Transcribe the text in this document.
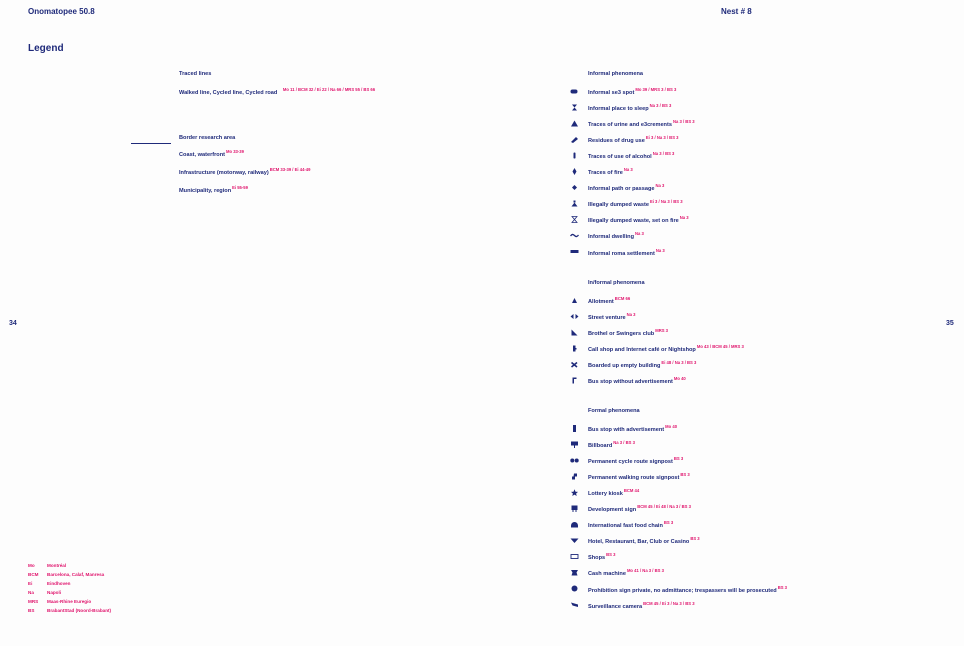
Onomatopee 50.8	Nest # 8
Legend
34	35
Traced lines
Walked line, Cycled line, Cycled road $^{Mo 11 / BCM 32 / Ei 22 / Na 66 / MRS 55 / BS 66}$
Border research area
Coast, waterfront$^{Mo 33-39}$
Infrastructure (motorway, railway)$^{BCM 33-39 / Ei 44-49}$
Municipality, region$^{Ei 55-59}$
Informal phenomena
Informal se3 spot$^{Mo 39 / MRS 3 / BS 3}$
Informal place to sleep$^{Na 3 / BS 3}$
Traces of urine and e3crements$^{Na 3 / BS 3}$
Residues of drug use$^{Ei 3 / Na 3 / BS 3}$
Traces of use of alcohol$^{Na 3 / BS 3}$
Traces of fire$^{Na 3}$
Informal path or passage$^{Na 3}$
Illegally dumped waste$^{Ei 3 / Na 3 / BS 3}$
Illegally dumped waste, set on fire$^{Na 3}$
Informal dwelling$^{Na 3}$
Informal roma settlement$^{Na 3}$
In/formal phenomena
Allotment$^{BCM 66}$
Street venture$^{Na 3}$
Brothel or Swingers club$^{MRS 3}$
Call shop and Internet café or Nightshop$^{Mo 43 / BCM 45 / MRS 3}$
Boarded up empty building$^{Ei 48 / Na 3 / BS 3}$
Bus stop without advertisement$^{Mo 40}$
Formal phenomena
Bus stop with advertisement$^{Mo 40}$
Billboard$^{Na 3 / BS 3}$
Permanent cycle route signpost$^{BS 3}$
Permanent walking route signpost$^{BS 3}$
Lottery kiosk$^{BCM 44}$
Development sign$^{BCM 45 / Ei 48 / Na 3 / BS 3}$
International fast food chain$^{BS 3}$
Hotel, Restaurant, Bar, Club or Casino$^{BS 3}$
Shops$^{BS 3}$
Cash machine$^{Mo 41 / Na 3 / BS 3}$
Prohibition sign private, no admittance; trespassers will be prosecuted$^{BS 3}$
Surveillance camera$^{BCM 45 / Ei 3 / Na 3 / BS 3}$
Mo	Montréal
BCM Barcelona, Calaf, Manresa
Ei	Eindhoven
Na	Napoli
MRS Maas-Rhine Euregio
BS	BrabantStad (Noord-Brabant)
